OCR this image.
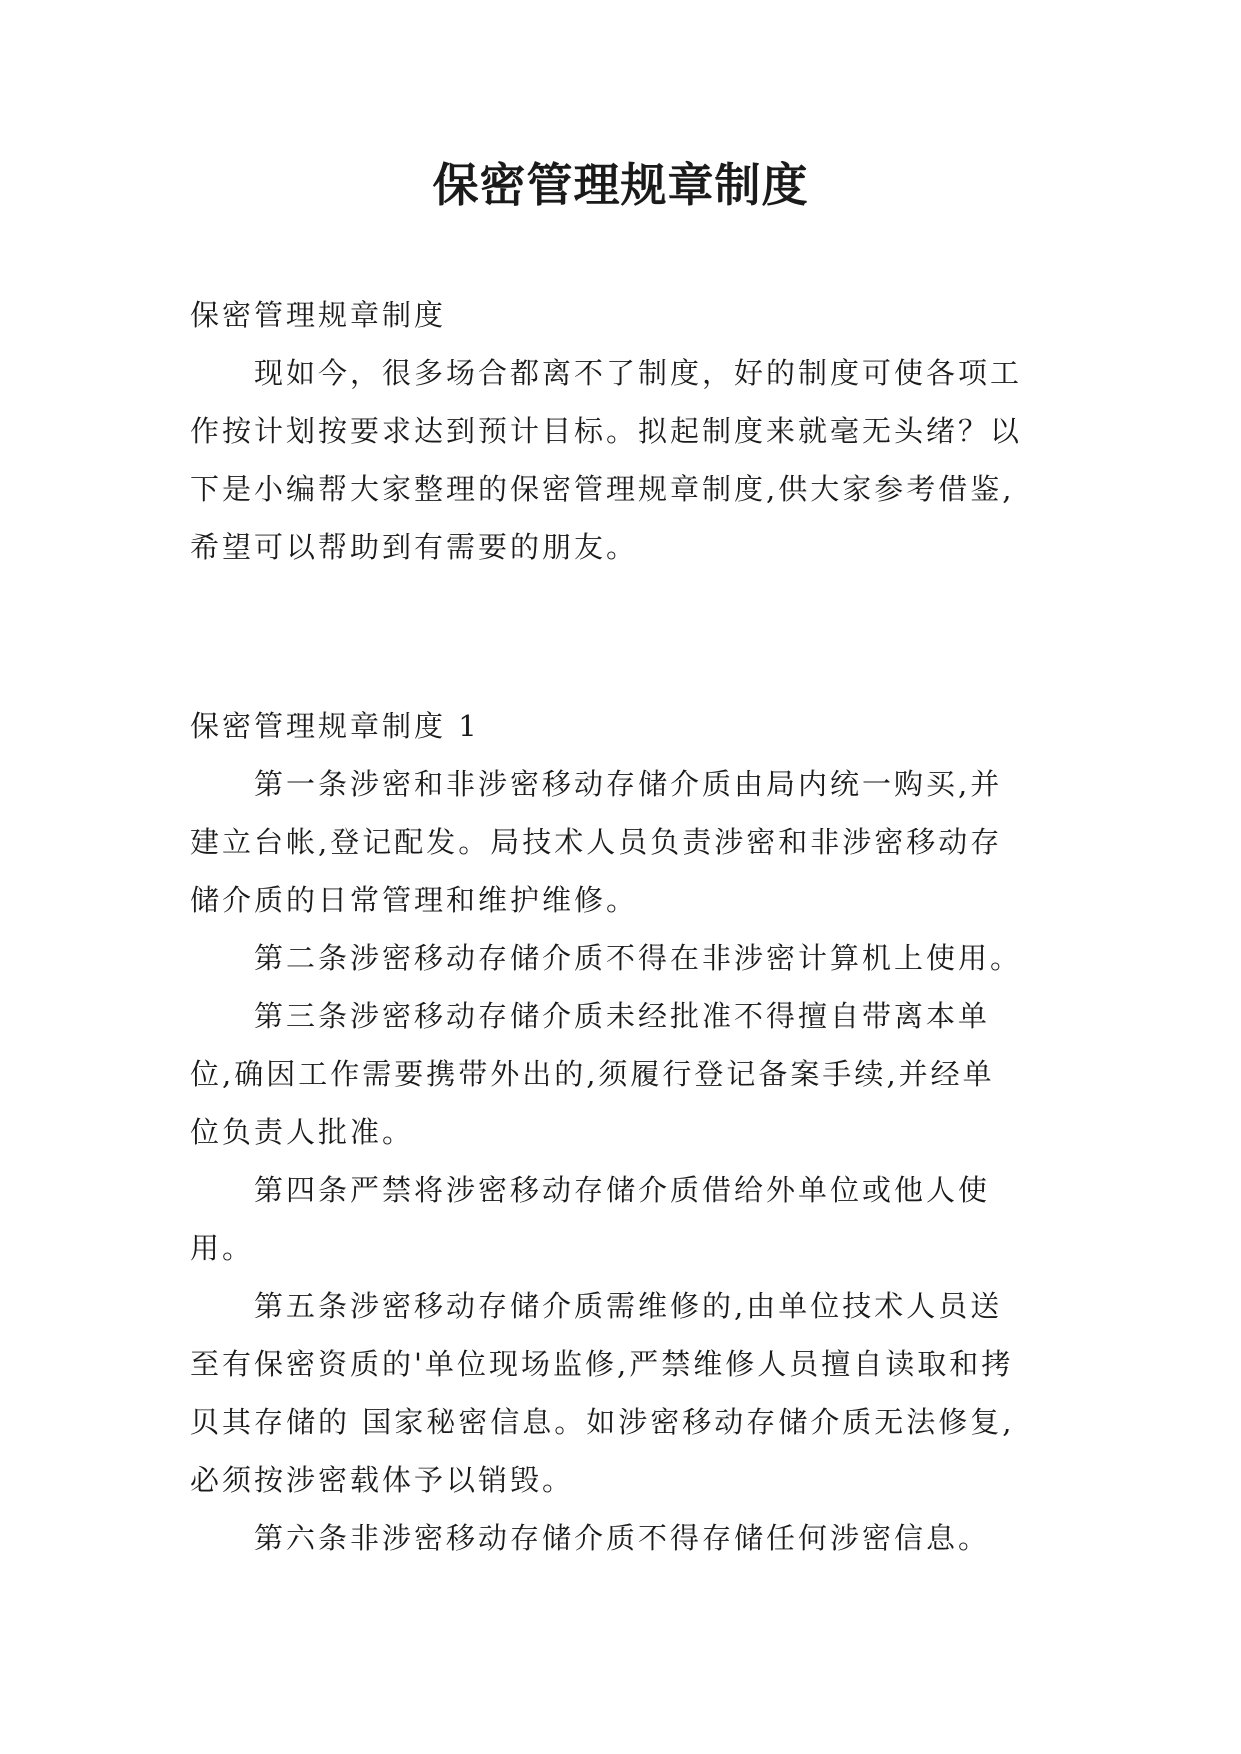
保密管理规章制度

保密管理规章制度

　　现如今，很多场合都离不了制度，好的制度可使各项工

作按计划按要求达到预计目标。拟起制度来就毫无头绪？以

下是小编帮大家整理的保密管理规章制度,供大家参考借鉴,

希望可以帮助到有需要的朋友。

保密管理规章制度 1

　　第一条涉密和非涉密移动存储介质由局内统一购买,并

建立台帐,登记配发。局技术人员负责涉密和非涉密移动存

储介质的日常管理和维护维修。

　　第二条涉密移动存储介质不得在非涉密计算机上使用。

　　第三条涉密移动存储介质未经批准不得擅自带离本单

位,确因工作需要携带外出的,须履行登记备案手续,并经单

位负责人批准。

　　第四条严禁将涉密移动存储介质借给外单位或他人使

用。

　　第五条涉密移动存储介质需维修的,由单位技术人员送

至有保密资质的'单位现场监修,严禁维修人员擅自读取和拷

贝其存储的 国家秘密信息。如涉密移动存储介质无法修复,

必须按涉密载体予以销毁。

　　第六条非涉密移动存储介质不得存储任何涉密信息。
